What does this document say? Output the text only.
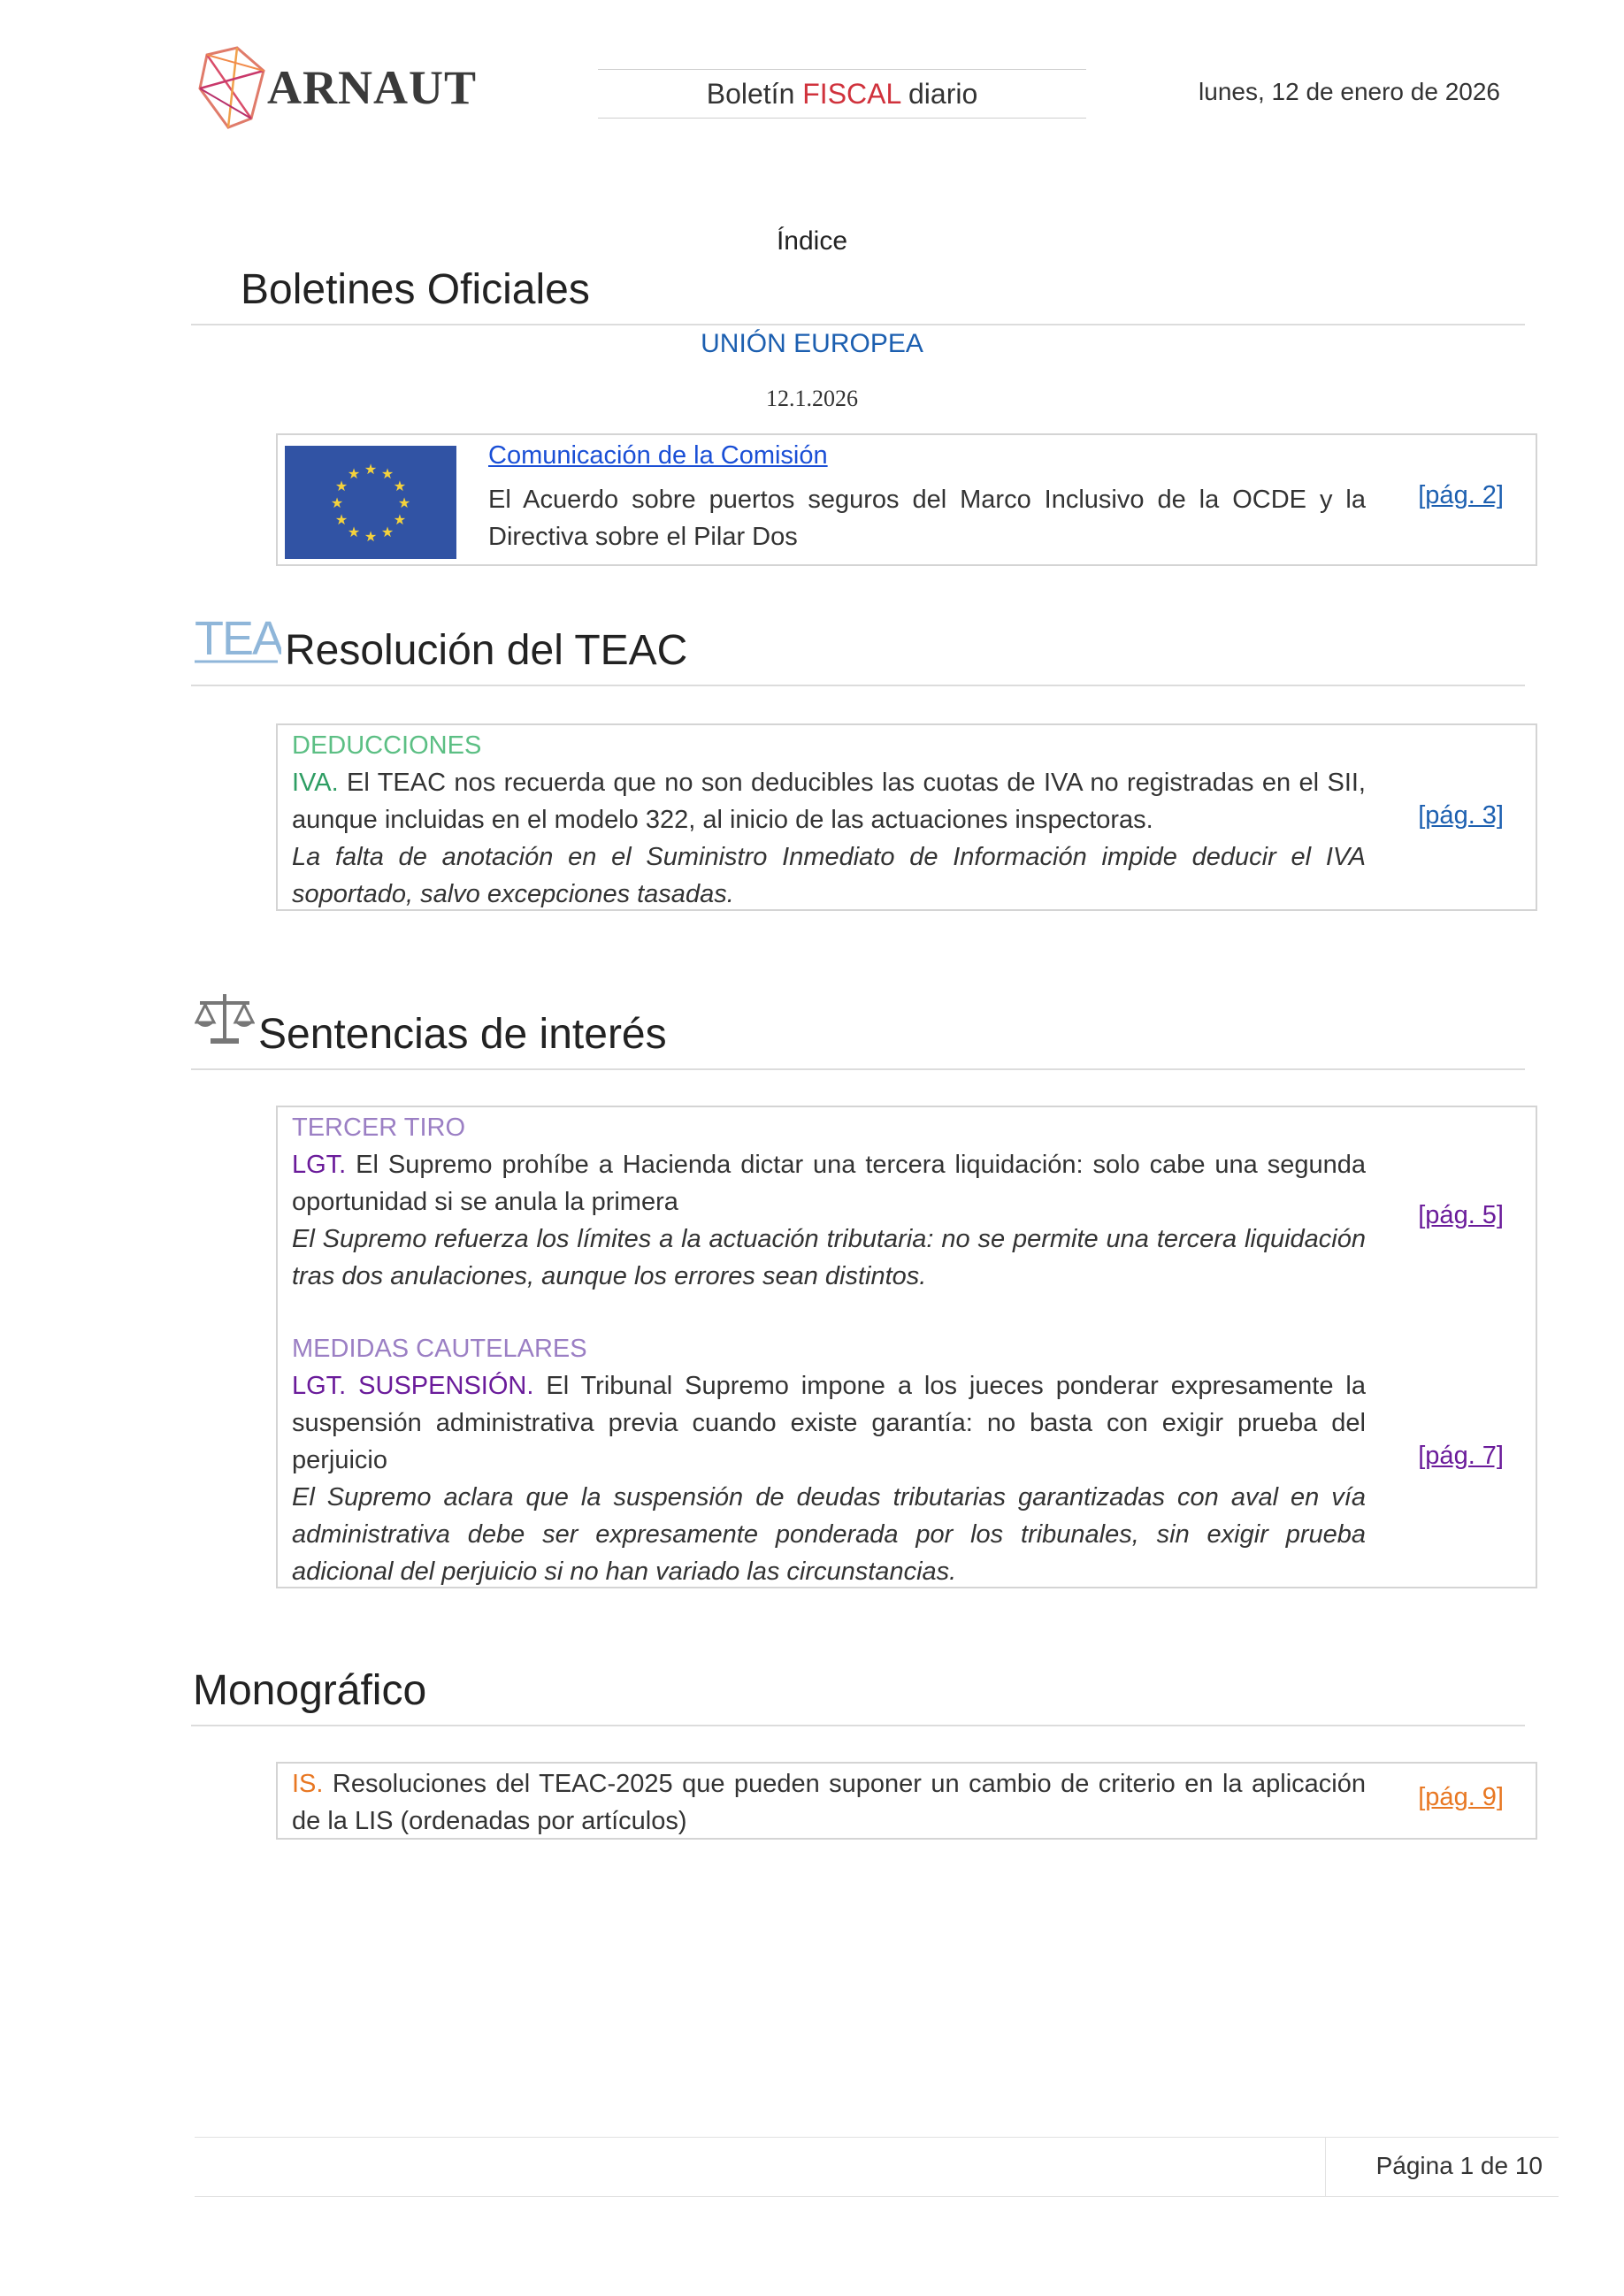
ARNAUT	Boletín FISCAL diario	lunes, 12 de enero de 2026
Índice
Boletines Oficiales
UNIÓN EUROPEA
12.1.2026
★ ★
★
★
★
★
★
★
★
★
★
★
Comunicación de la Comisión
El Acuerdo sobre puertos seguros del Marco Inclusivo de la OCDE y la Directiva sobre el Pilar Dos
[pág. 2]
TEA Resolución del TEAC
DEDUCCIONES
IVA. El TEAC nos recuerda que no son deducibles las cuotas de IVA no registradas en el SII, aunque incluidas en el modelo 322, al inicio de las actuaciones inspectoras.
La falta de anotación en el Suministro Inmediato de Información impide deducir el IVA soportado, salvo excepciones tasadas.
[pág. 3]
Sentencias de interés
TERCER TIRO
LGT. El Supremo prohíbe a Hacienda dictar una tercera liquidación: solo cabe una segunda oportunidad si se anula la primera
El Supremo refuerza los límites a la actuación tributaria: no se permite una tercera liquidación tras dos anulaciones, aunque los errores sean distintos.
[pág. 5]
MEDIDAS CAUTELARES
LGT. SUSPENSIÓN. El Tribunal Supremo impone a los jueces ponderar expresamente la suspensión administrativa previa cuando existe garantía: no basta con exigir prueba del perjuicio
El Supremo aclara que la suspensión de deudas tributarias garantizadas con aval en vía administrativa debe ser expresamente ponderada por los tribunales, sin exigir prueba adicional del perjuicio si no han variado las circunstancias.
[pág. 7]
Monográfico
IS. Resoluciones del TEAC-2025 que pueden suponer un cambio de criterio en la aplicación de la LIS (ordenadas por artículos)
[pág. 9]
Página 1 de 10
